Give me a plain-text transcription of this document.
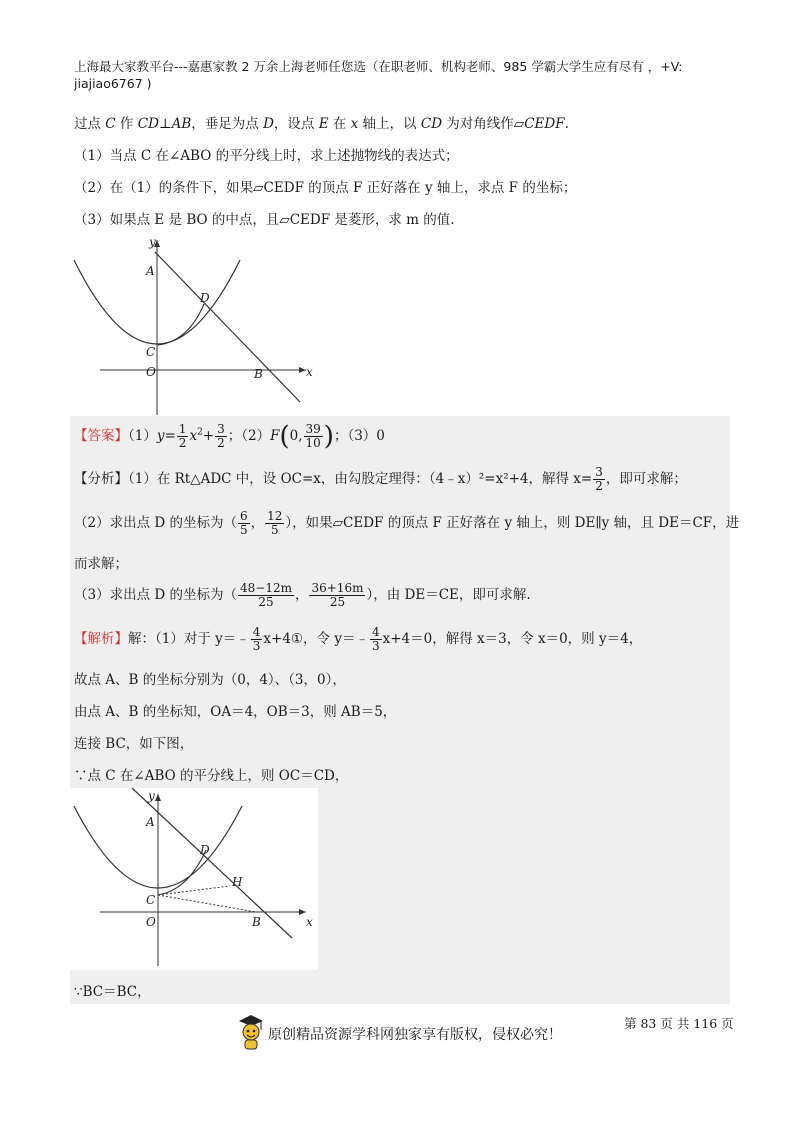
上海最大家教平台---嘉惠家教 2 万余上海老师任您选（在职老师、机构老师、985 学霸大学生应有尽有 ，+V:
jiajiao6767 )
过点 C 作 CD⊥AB，垂足为点 D，设点 E 在 x 轴上，以 CD 为对角线作▱CEDF.
（1）当点 C 在∠ABO 的平分线上时，求上述抛物线的表达式；
（2）在（1）的条件下，如果▱CEDF 的顶点 F 正好落在 y 轴上，求点 F 的坐标；
（3）如果点 E 是 BO 的中点，且▱CEDF 是菱形，求 m 的值.
y
A
D
C
O	B	x
【答案】$(1)y= \frac{1}{2} x^2+ \frac{3}{2}$ ；（2）F(0, $\frac{39}{10}$ )；（3）0
【分析】（1）在 Rt△ADC 中，设 OC=x，由勾股定理得：（4﹣x）²=x²+4，解得 $x= \frac{3}{2}$ ，即可求解；
（2）求出点 D 的坐标为（ $\frac{6}{5}$ ， $\frac{12}{5}$ ），如果▱CEDF 的顶点 F 正好落在 y 轴上，则 DE∥y 轴，且 DE＝CF，进
而求解；
（3）求出点 D 的坐标为（ $\frac{48-12m}{25}$ ， $\frac{36+16m}{25}$ ），由 DE＝CE，即可求解.
【解析】解：（1）对于 y＝﹣ $\frac{4}{3}$ x+4①，令 y＝﹣ $\frac{4}{3} x+4=0$，解得 x＝3，令 x＝0，则 y＝4，
故点 A、B 的坐标分别为（0，4）、（3，0），
由点 A、B 的坐标知，OA＝4，OB＝3，则 AB＝5，
连接 BC，如下图，
∵点 C 在∠ABO 的平分线上，则 OC＝CD，
y
A
D
H
C
O	B	x
∵BC＝BC，
原创精品资源学科网独家享有版权，侵权必究！
第 83 页 共 116 页
